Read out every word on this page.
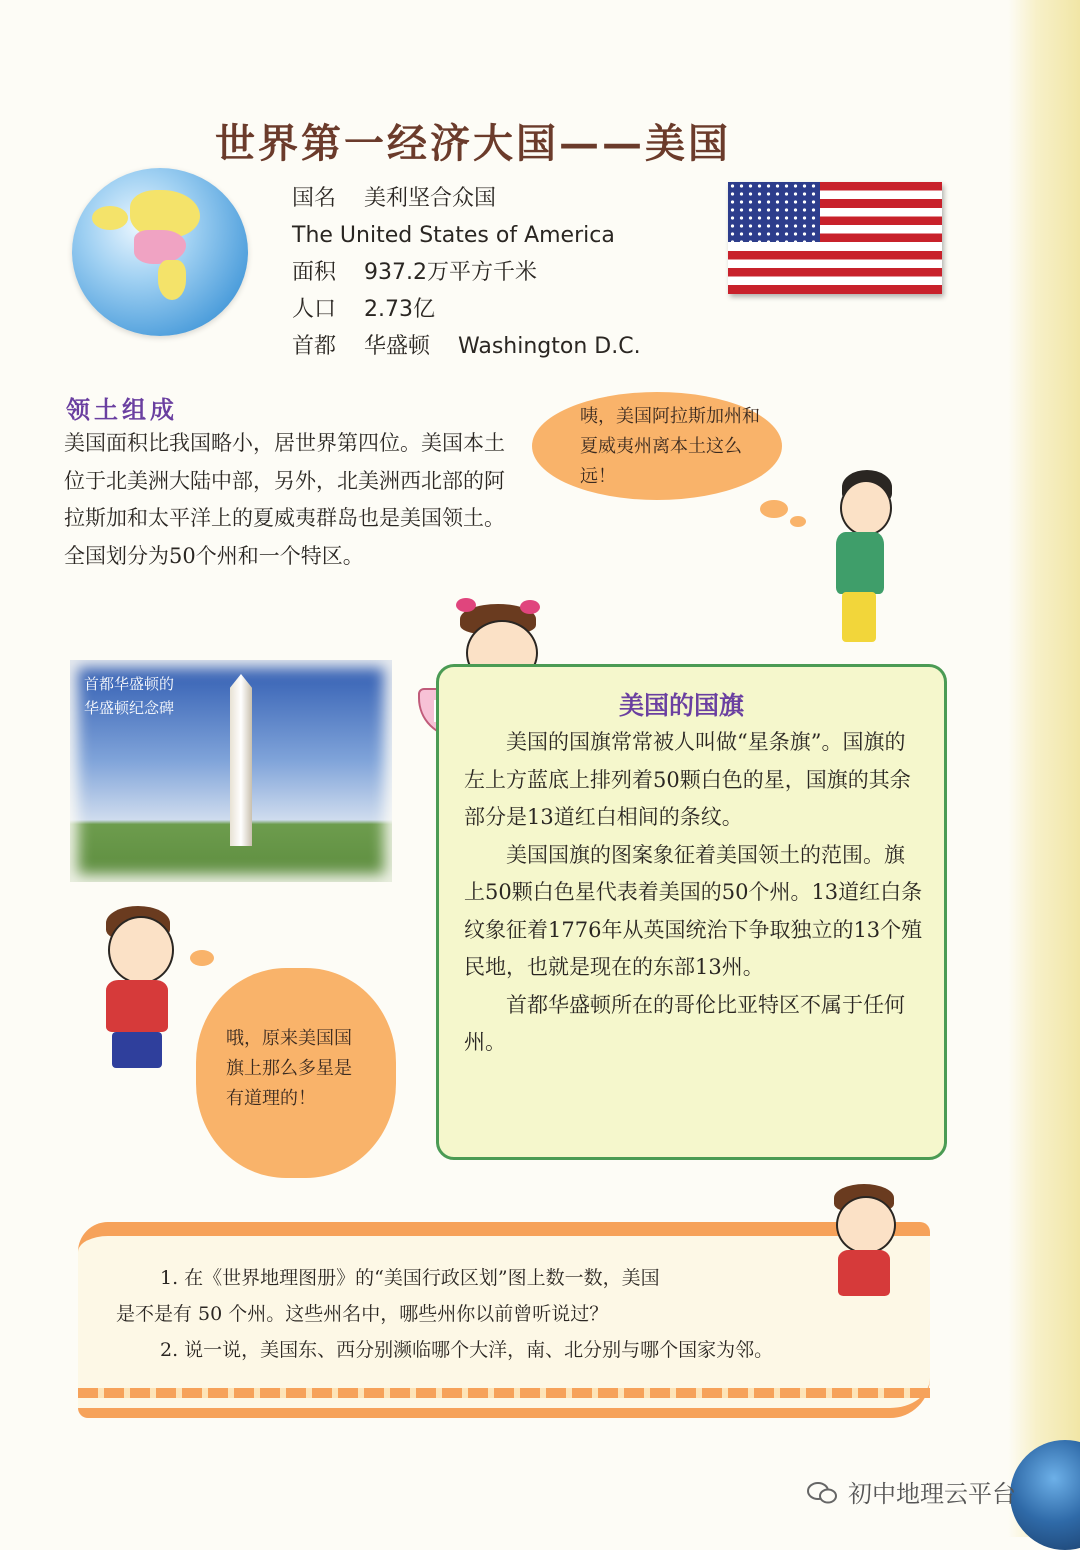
世界第一经济大国——美国
国名 美利坚合众国
The United States of America
面积 937.2万平方千米
人口 2.73亿
首都 华盛顿 Washington D.C.
领土组成
美国面积比我国略小，居世界第四位。美国本土位于北美洲大陆中部，另外，北美洲西北部的阿拉斯加和太平洋上的夏威夷群岛也是美国领土。全国划分为50个州和一个特区。
咦，美国阿拉斯加州和夏威夷州离本土这么远！
首都华盛顿的
华盛顿纪念碑	美国的国旗

美国的国旗常常被人叫做“星条旗”。国旗的左上方蓝底上排列着50颗白色的星，国旗的其余部分是13道红白相间的条纹。

美国国旗的图案象征着美国领土的范围。旗上50颗白色星代表着美国的50个州。13道红白条纹象征着1776年从英国统治下争取独立的13个殖民地，也就是现在的东部13州。

首都华盛顿所在的哥伦比亚特区不属于任何州。

哦，原来美国国旗上那么多星是有道理的！
1. 在《世界地理图册》的“美国行政区划”图上数一数，美国
是不是有 50 个州。这些州名中，哪些州你以前曾听说过？
2. 说一说，美国东、西分别濒临哪个大洋，南、北分别与哪个国家为邻。
初中地理云平台
